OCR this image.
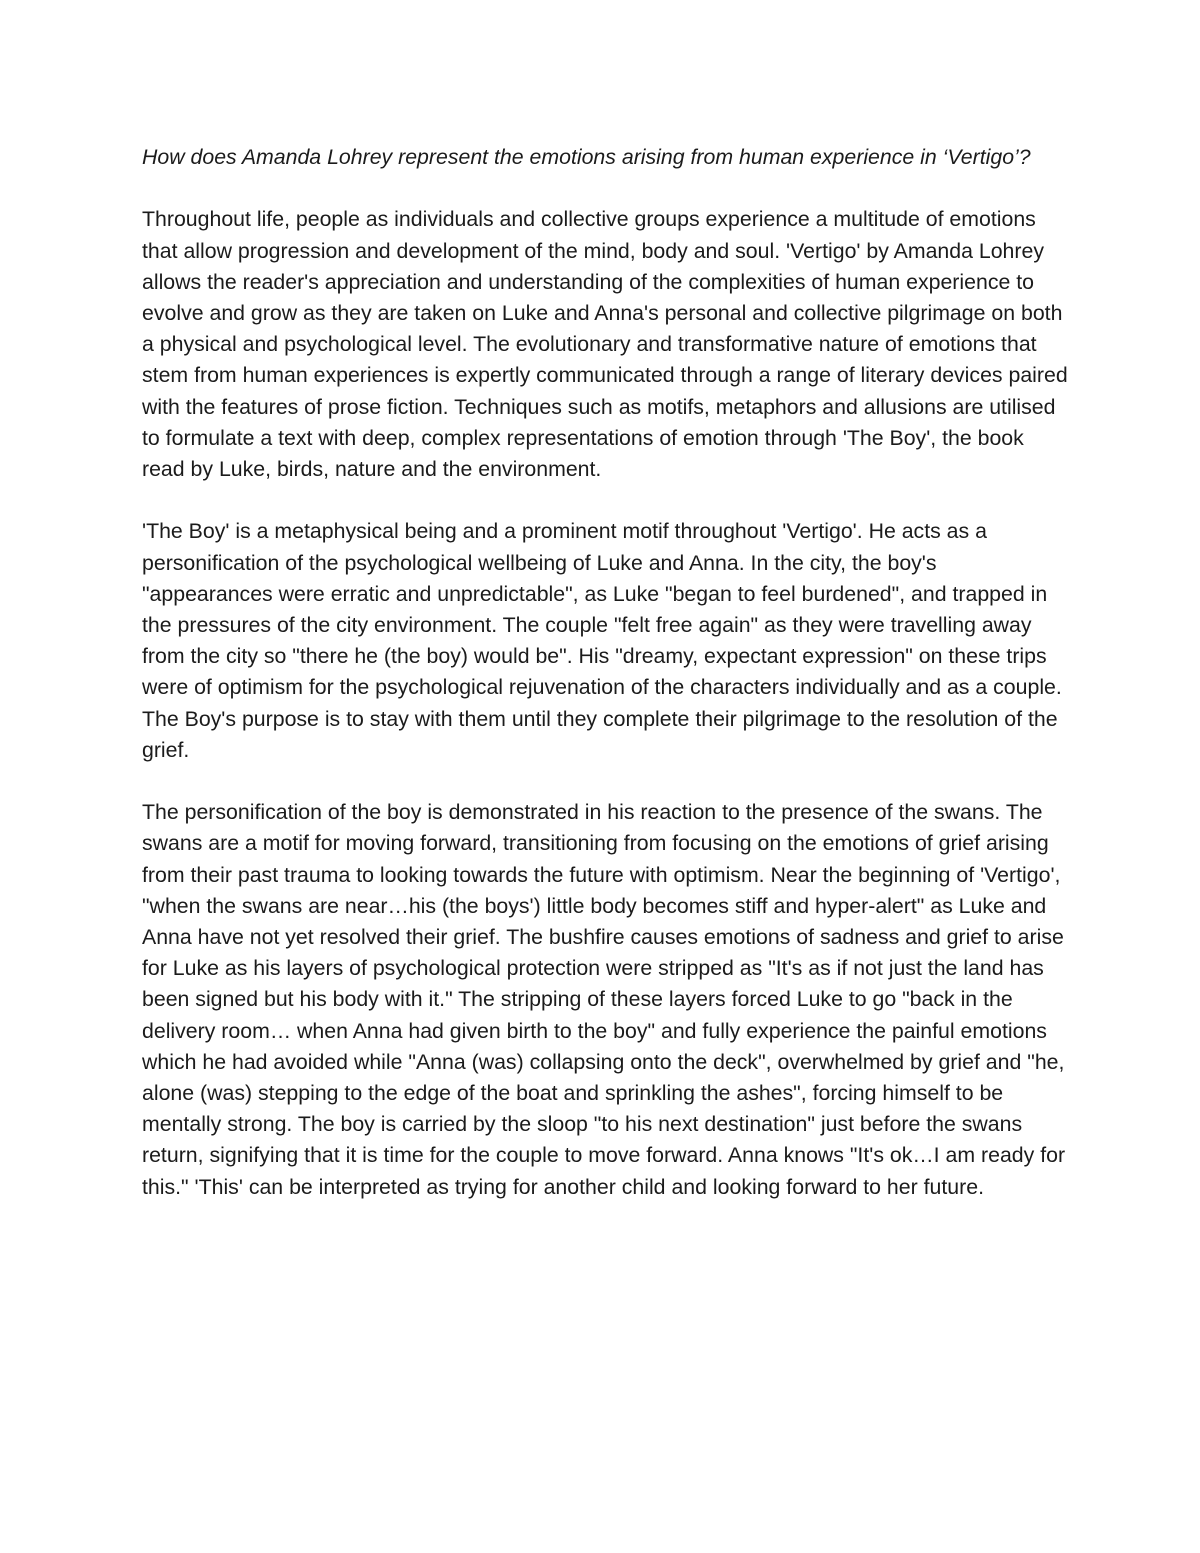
How does Amanda Lohrey represent the emotions arising from human experience in ‘Vertigo’?

Throughout life, people as individuals and collective groups experience a multitude of emotions that allow progression and development of the mind, body and soul. 'Vertigo' by Amanda Lohrey allows the reader's appreciation and understanding of the complexities of human experience to evolve and grow as they are taken on Luke and Anna's personal and collective pilgrimage on both a physical and psychological level. The evolutionary and transformative nature of emotions that stem from human experiences is expertly communicated through a range of literary devices paired with the features of prose fiction. Techniques such as motifs, metaphors and allusions are utilised to formulate a text with deep, complex representations of emotion through 'The Boy', the book read by Luke, birds, nature and the environment.

'The Boy' is a metaphysical being and a prominent motif throughout 'Vertigo'. He acts as a personification of the psychological wellbeing of Luke and Anna. In the city, the boy's "appearances were erratic and unpredictable", as Luke "began to feel burdened", and trapped in the pressures of the city environment. The couple "felt free again" as they were travelling away from the city so "there he (the boy) would be". His "dreamy, expectant expression" on these trips were of optimism for the psychological rejuvenation of the characters individually and as a couple. The Boy's purpose is to stay with them until they complete their pilgrimage to the resolution of the grief.

The personification of the boy is demonstrated in his reaction to the presence of the swans. The swans are a motif for moving forward, transitioning from focusing on the emotions of grief arising from their past trauma to looking towards the future with optimism. Near the beginning of 'Vertigo', "when the swans are near…his (the boys') little body becomes stiff and hyper-alert" as Luke and Anna have not yet resolved their grief. The bushfire causes emotions of sadness and grief to arise for Luke as his layers of psychological protection were stripped as "It's as if not just the land has been signed but his body with it." The stripping of these layers forced Luke to go "back in the delivery room… when Anna had given birth to the boy" and fully experience the painful emotions which he had avoided while "Anna (was) collapsing onto the deck", overwhelmed by grief and "he, alone (was) stepping to the edge of the boat and sprinkling the ashes", forcing himself to be mentally strong. The boy is carried by the sloop "to his next destination" just before the swans return, signifying that it is time for the couple to move forward. Anna knows "It's ok…I am ready for this." 'This' can be interpreted as trying for another child and looking forward to her future.
